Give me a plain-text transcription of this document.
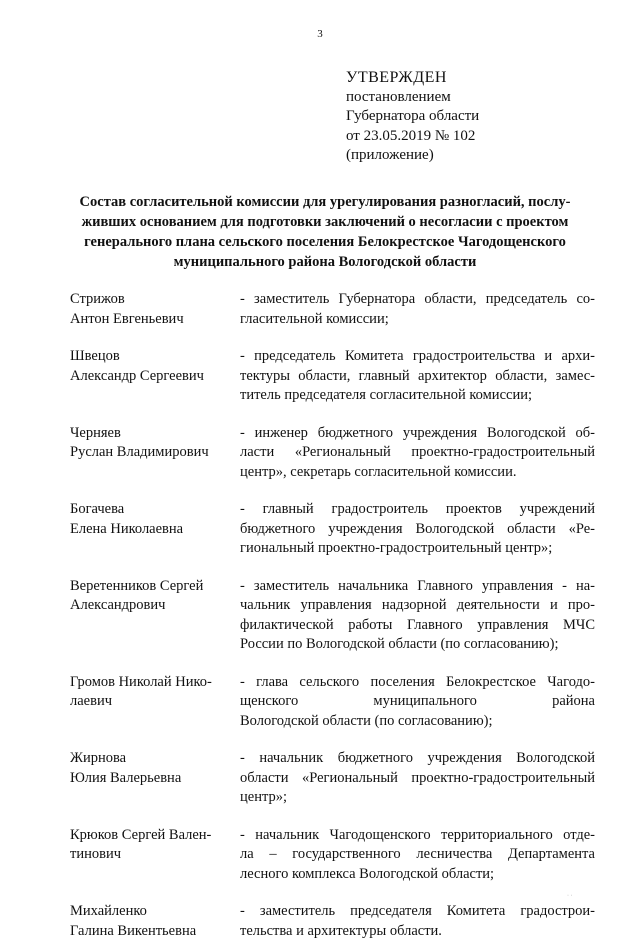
3
УТВЕРЖДЕН
постановлением
Губернатора области
от 23.05.2019 № 102
(приложение)
Состав согласительной комиссии для урегулирования разногласий, послу-
живших основанием для подготовки заключений о несогласии с проектом
генерального плана сельского поселения Белокрестское Чагодощенского
муниципального района Вологодской области
Стрижов
Антон Евгеньевич
- заместитель Губернатора области, председатель со-
гласительной комиссии;
Швецов
Александр Сергеевич
- председатель Комитета градостроительства и архи-
тектуры области, главный архитектор области, замес-
титель председателя согласительной комиссии;
Черняев
Руслан Владимирович
- инженер бюджетного учреждения Вологодской об-
ласти «Региональный проектно-градостроительный
центр», секретарь согласительной комиссии.
Богачева
Елена Николаевна
- главный градостроитель проектов учреждений
бюджетного учреждения Вологодской области «Ре-
гиональный проектно-градостроительный центр»;
Веретенников Сергей
Александрович
- заместитель начальника Главного управления - на-
чальник управления надзорной деятельности и про-
филактической работы Главного управления МЧС
России по Вологодской области (по согласованию);
Громов Николай Нико-
лаевич
- глава сельского поселения Белокрестское Чагодо-
щенского муниципального района
Вологодской области (по согласованию);
Жирнова
Юлия Валерьевна
- начальник бюджетного учреждения Вологодской
области «Региональный проектно-градостроительный
центр»;
Крюков Сергей Вален-
тинович
- начальник Чагодощенского территориального отде-
ла – государственного лесничества Департамента
лесного комплекса Вологодской области;
Михайленко
Галина Викентьевна
- заместитель председателя Комитета градострои-
тельства и архитектуры области.
· ·
